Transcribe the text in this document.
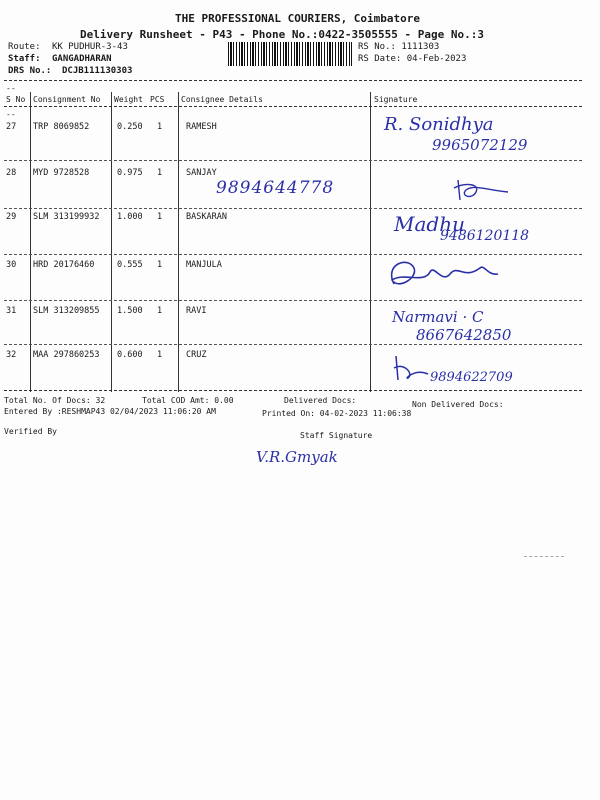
THE PROFESSIONAL COURIERS, Coimbatore
Delivery Runsheet - P43 - Phone No.:0422-3505555 - Page No.:3
Route: KK PUDHUR-3-43
Staff: GANGADHARAN
DRS No.: DCJB111130303
RS No.: 1111303
RS Date: 04-Feb-2023
--
S No Consignment No Weight PCS Consignee Details	Signature
--
27 TRP 8069852	0.250 1	RAMESH	R. Sonidhya
9965072129
28 MYD 9728528	0.975 1	SANJAY
9894644778
29 SLM 313199932 1.000 1	BASKARAN	Madhu
9486120118
30 HRD 20176460	0.555 1	MANJULA
31 SLM 313209855 1.500 1	RAVI	Narmavi · C
8667642850
32 MAA 297860253 0.600 1	CRUZ
9894622709
Total No. Of Docs: 32	Total COD Amt: 0.00	Delivered Docs:	Non Delivered Docs:
Entered By :RESHMAP43 02/04/2023 11:06:20 AM	Printed On: 04-02-2023 11:06:38
Verified By	Staff Signature
V.R.Gmyak
